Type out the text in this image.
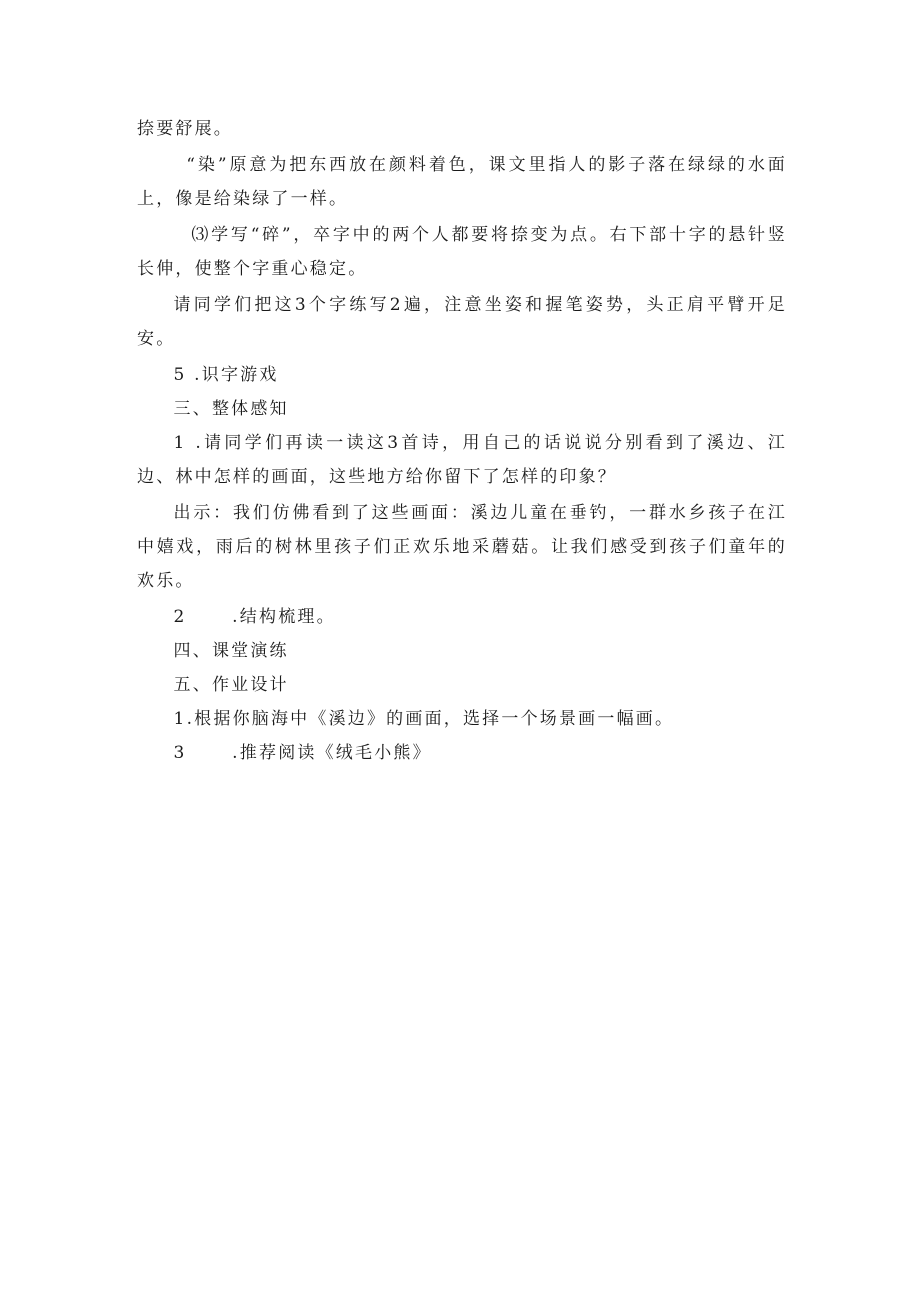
捺要舒展。

“染”原意为把东西放在颜料着色，课文里指人的影子落在绿绿的水面上，像是给染绿了一样。

⑶学写“碎”，卒字中的两个人都要将捺变为点。右下部十字的悬针竖长伸，使整个字重心稳定。

请同学们把这3个字练写2遍，注意坐姿和握笔姿势，头正肩平臂开足安。

5 .识字游戏

三、整体感知

1 .请同学们再读一读这3首诗，用自己的话说说分别看到了溪边、江边、林中怎样的画面，这些地方给你留下了怎样的印象？

出示：我们仿佛看到了这些画面：溪边儿童在垂钓，一群水乡孩子在江中嬉戏，雨后的树林里孩子们正欢乐地采蘑菇。让我们感受到孩子们童年的欢乐。

2      .结构梳理。

四、课堂演练

五、作业设计

1.根据你脑海中《溪边》的画面，选择一个场景画一幅画。

3      .推荐阅读《绒毛小熊》
